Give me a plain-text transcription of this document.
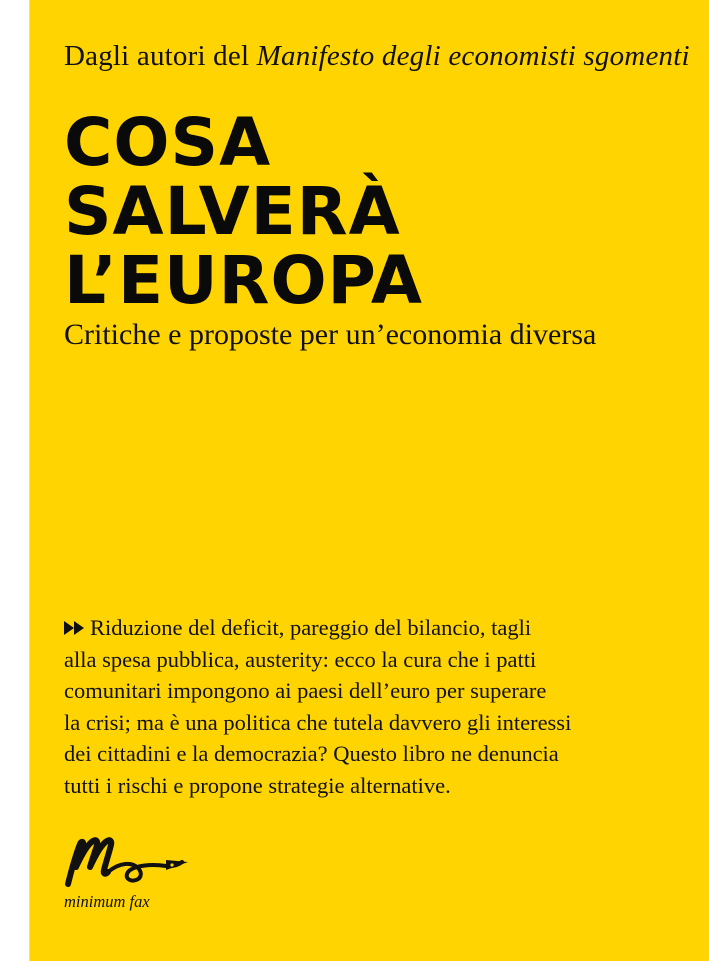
Dagli autori del Manifesto degli economisti sgomenti
COSA
SALVERÀ
L’EUROPA
Critiche e proposte per un’economia diversa
Riduzione del deficit, pareggio del bilancio, tagli
alla spesa pubblica, austerity: ecco la cura che i patti
comunitari impongono ai paesi dell’euro per superare
la crisi; ma è una politica che tutela davvero gli interessi
dei cittadini e la democrazia? Questo libro ne denuncia
tutti i rischi e propone strategie alternative.
minimum fax
